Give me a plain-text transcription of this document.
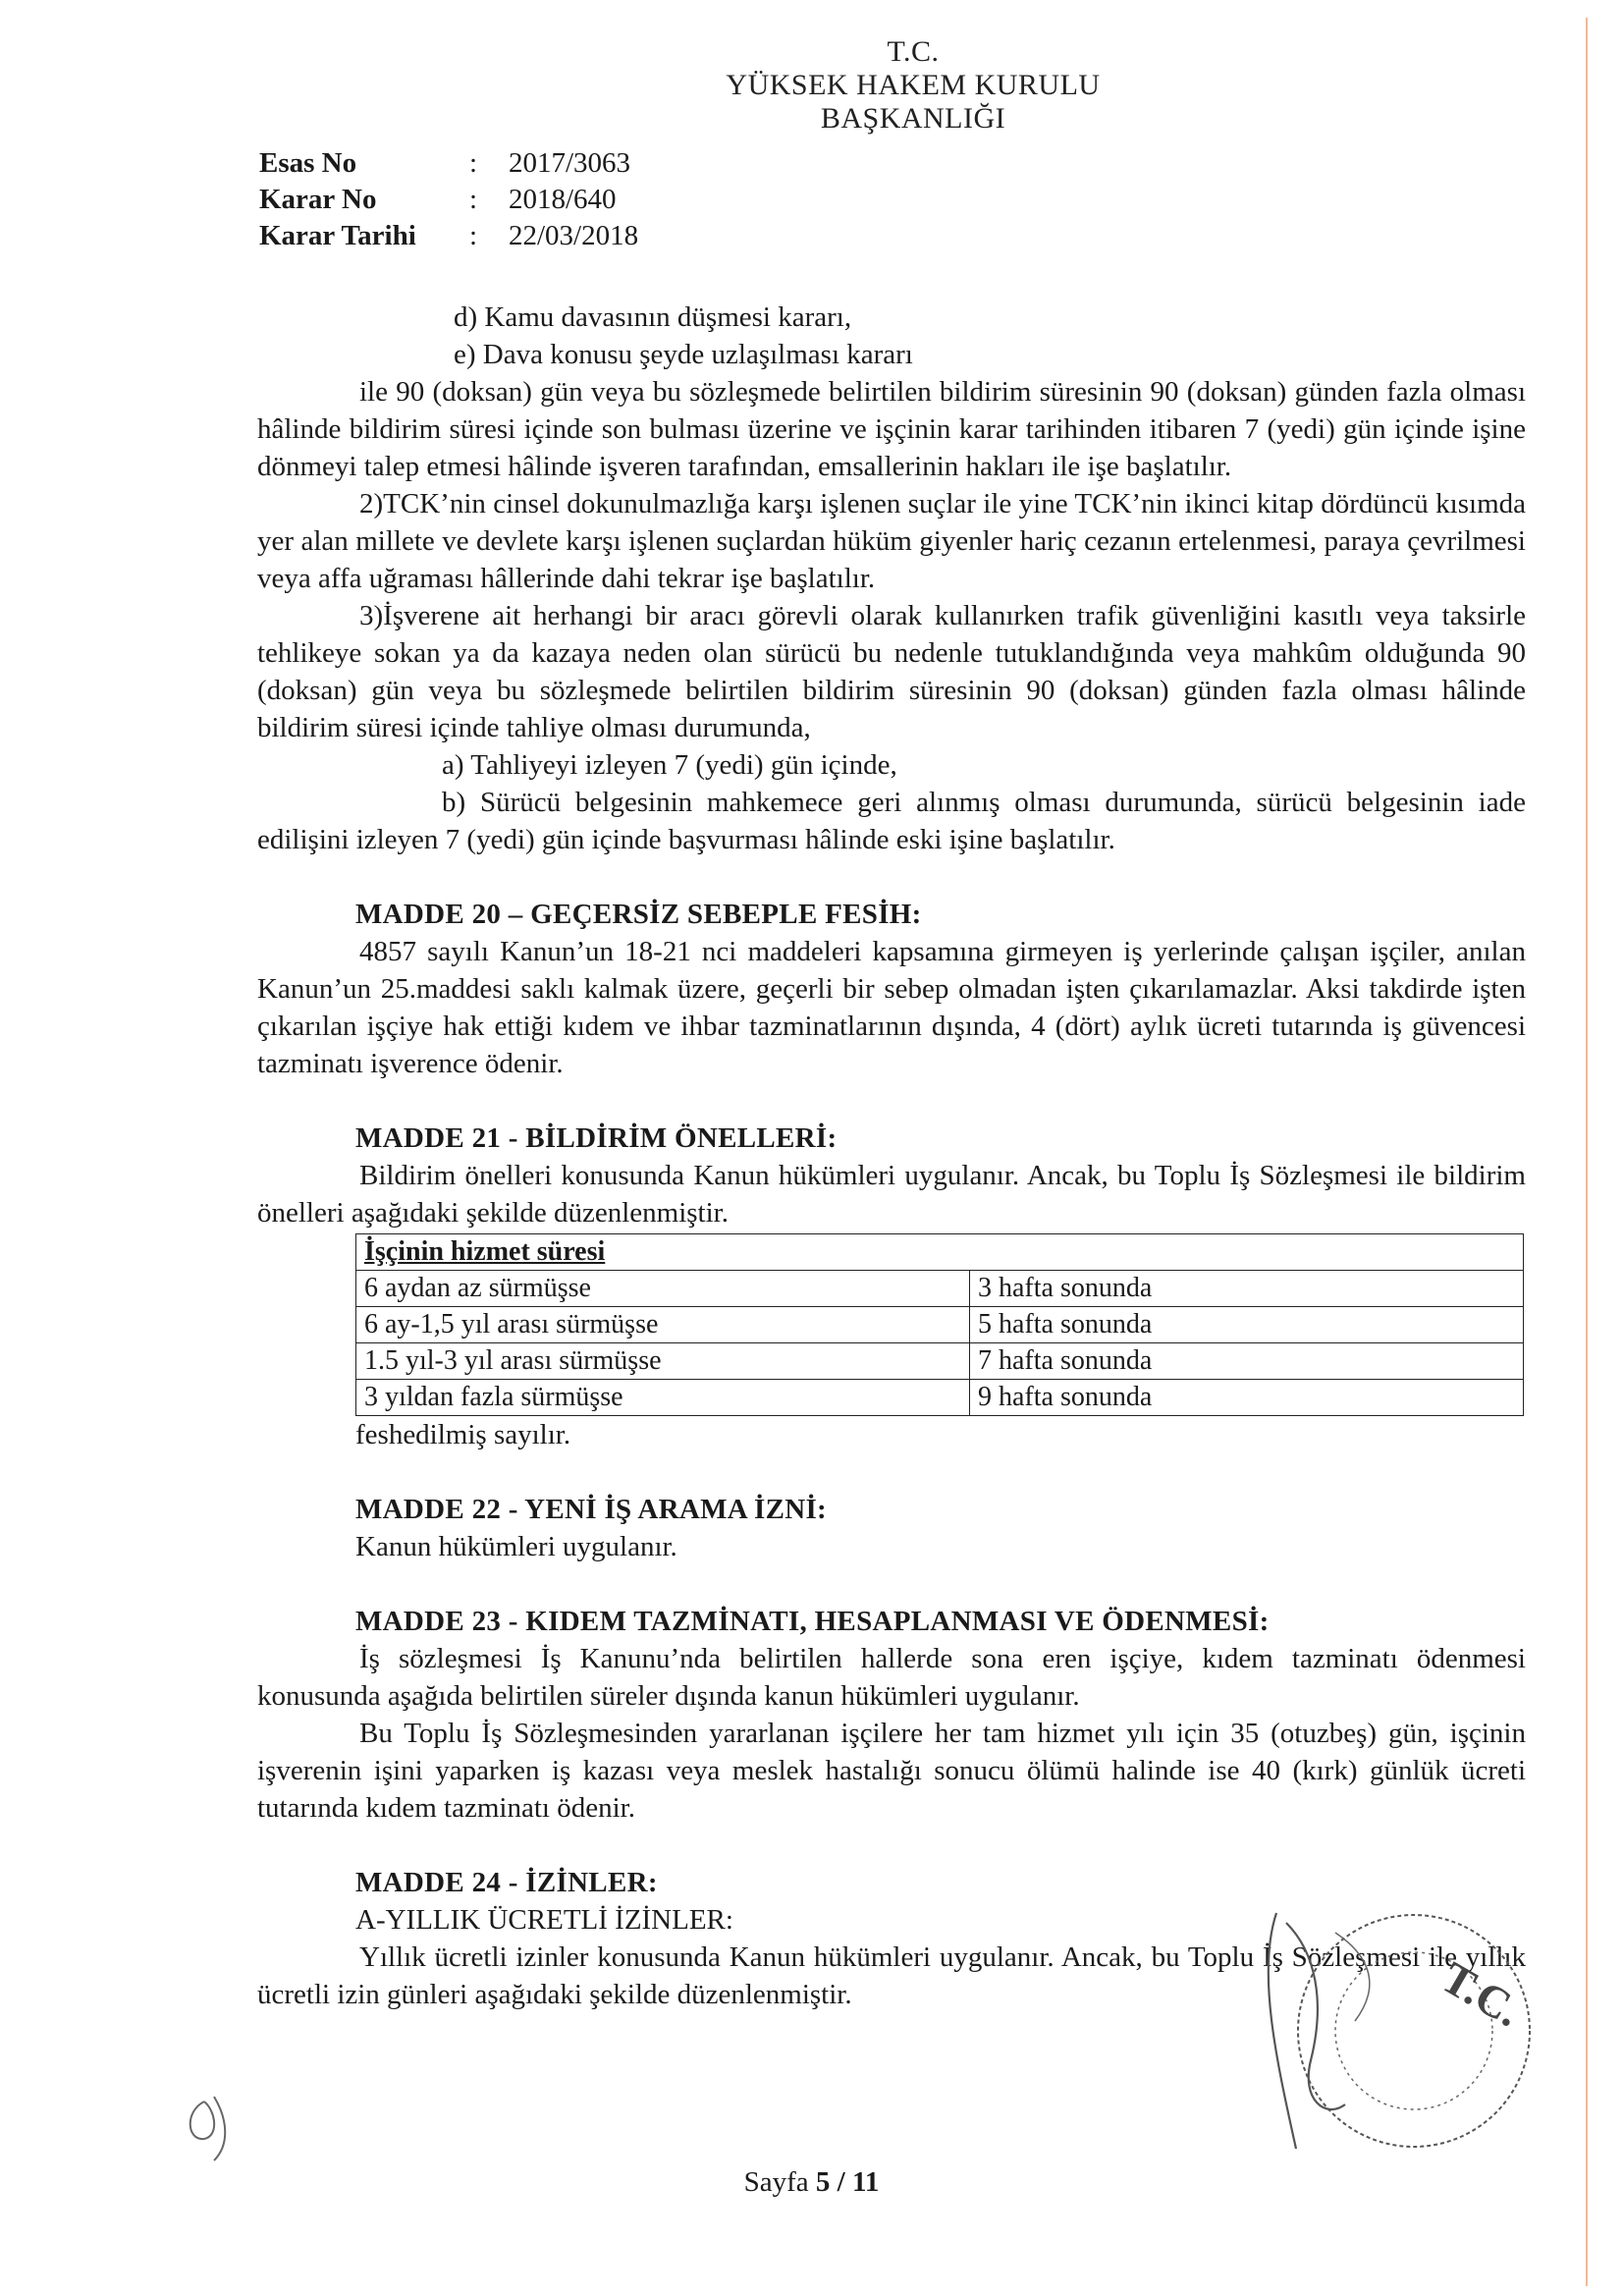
T.C.
YÜKSEK HAKEM KURULU
BAŞKANLIĞI
Esas No	:	2017/3063
Karar No	:	2018/640
Karar Tarihi	:	22/03/2018

d) Kamu davasının düşmesi kararı,

e) Dava konusu şeyde uzlaşılması kararı

ile 90 (doksan) gün veya bu sözleşmede belirtilen bildirim süresinin 90 (doksan) günden fazla olması hâlinde bildirim süresi içinde son bulması üzerine ve işçinin karar tarihinden itibaren 7 (yedi) gün içinde işine dönmeyi talep etmesi hâlinde işveren tarafından, emsallerinin hakları ile işe başlatılır.

2)TCK’nin cinsel dokunulmazlığa karşı işlenen suçlar ile yine TCK’nin ikinci kitap dördüncü kısımda yer alan millete ve devlete karşı işlenen suçlardan hüküm giyenler hariç cezanın ertelenmesi, paraya çevrilmesi veya affa uğraması hâllerinde dahi tekrar işe başlatılır.

3)İşverene ait herhangi bir aracı görevli olarak kullanırken trafik güvenliğini kasıtlı veya taksirle tehlikeye sokan ya da kazaya neden olan sürücü bu nedenle tutuklandığında veya mahkûm olduğunda 90 (doksan) gün veya bu sözleşmede belirtilen bildirim süresinin 90 (doksan) günden fazla olması hâlinde bildirim süresi içinde tahliye olması durumunda,

a) Tahliyeyi izleyen 7 (yedi) gün içinde,

b) Sürücü belgesinin mahkemece geri alınmış olması durumunda, sürücü belgesinin iade edilişini izleyen 7 (yedi) gün içinde başvurması hâlinde eski işine başlatılır.

MADDE 20 – GEÇERSİZ SEBEPLE FESİH:

4857 sayılı Kanun’un 18-21 nci maddeleri kapsamına girmeyen iş yerlerinde çalışan işçiler, anılan Kanun’un 25.maddesi saklı kalmak üzere, geçerli bir sebep olmadan işten çıkarılamazlar. Aksi takdirde işten çıkarılan işçiye hak ettiği kıdem ve ihbar tazminatlarının dışında, 4 (dört) aylık ücreti tutarında iş güvencesi tazminatı işverence ödenir.

MADDE 21 - BİLDİRİM ÖNELLERİ:

Bildirim önelleri konusunda Kanun hükümleri uygulanır. Ancak, bu Toplu İş Sözleşmesi ile bildirim önelleri aşağıdaki şekilde düzenlenmiştir.

İşçinin hizmet süresi	
6 aydan az sürmüşse	3 hafta sonunda
6 ay-1,5 yıl arası sürmüşse	5 hafta sonunda
1.5 yıl-3 yıl arası sürmüşse	7 hafta sonunda
3 yıldan fazla sürmüşse	9 hafta sonunda

feshedilmiş sayılır.

MADDE 22 - YENİ İŞ ARAMA İZNİ:

Kanun hükümleri uygulanır.

MADDE 23 - KIDEM TAZMİNATI, HESAPLANMASI VE ÖDENMESİ:

İş sözleşmesi İş Kanunu’nda belirtilen hallerde sona eren işçiye, kıdem tazminatı ödenmesi konusunda aşağıda belirtilen süreler dışında kanun hükümleri uygulanır.

Bu Toplu İş Sözleşmesinden yararlanan işçilere her tam hizmet yılı için 35 (otuzbeş) gün, işçinin işverenin işini yaparken iş kazası veya meslek hastalığı sonucu ölümü halinde ise 40 (kırk) günlük ücreti tutarında kıdem tazminatı ödenir.

MADDE 24 - İZİNLER:

A-YILLIK ÜCRETLİ İZİNLER:

Yıllık ücretli izinler konusunda Kanun hükümleri uygulanır. Ancak, bu Toplu İş Sözleşmesi ile yıllık ücretli izin günleri aşağıdaki şekilde düzenlenmiştir.	T.C.
Sayfa 5 / 11
